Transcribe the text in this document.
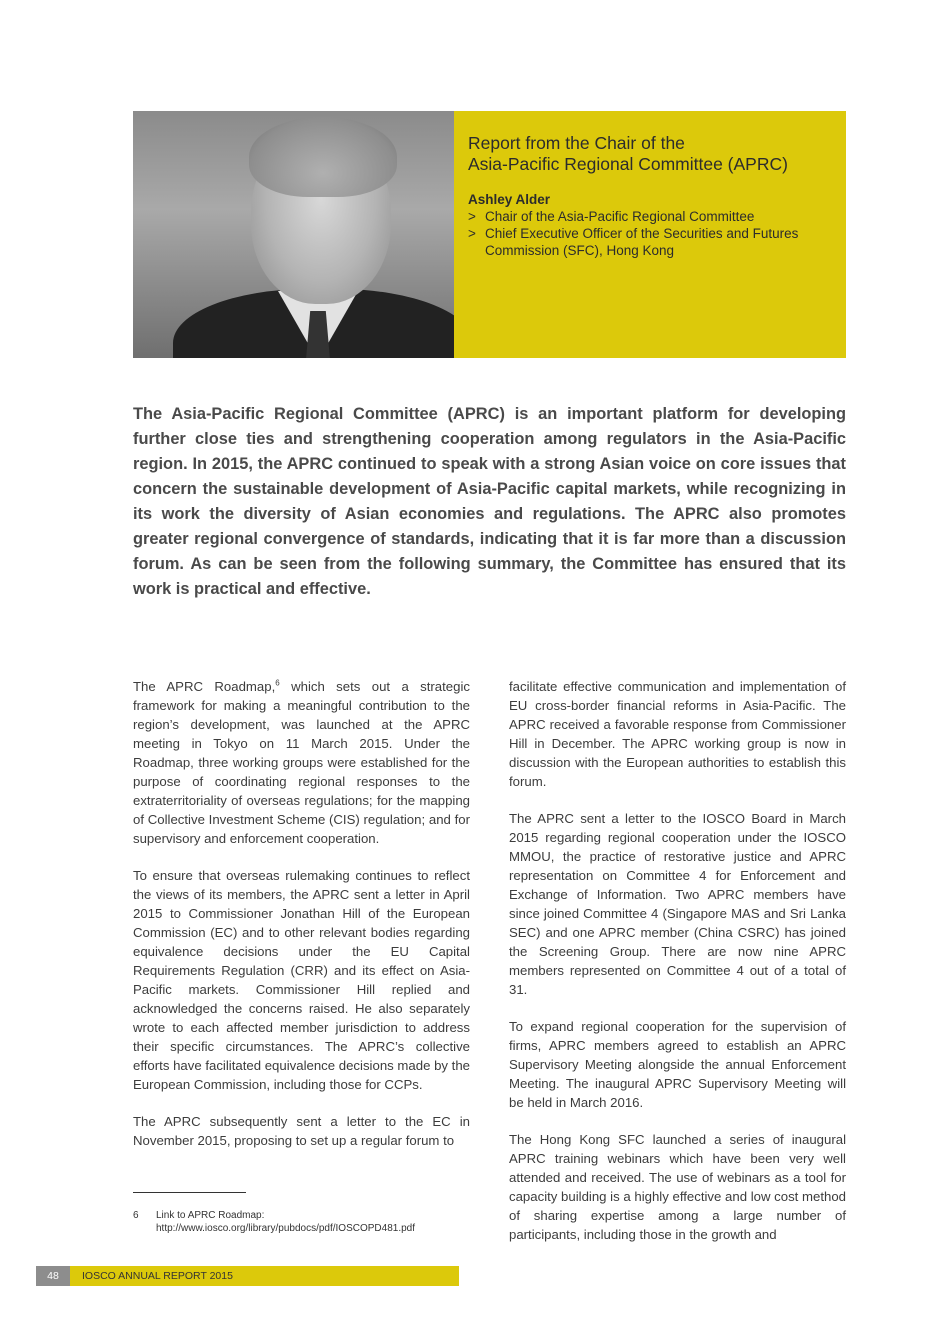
Report from the Chair of the
Asia-Pacific Regional Committee (APRC)
Ashley Alder
> Chair of the Asia-Pacific Regional Committee
> Chief Executive Officer of the Securities and Futures Commission (SFC), Hong Kong

The Asia-Pacific Regional Committee (APRC) is an important platform for developing further close ties and strengthening cooperation among regulators in the Asia-Pacific region. In 2015, the APRC continued to speak with a strong Asian voice on core issues that concern the sustainable development of Asia-Pacific capital markets, while recognizing in its work the diversity of Asian economies and regulations. The APRC also promotes greater regional convergence of standards, indicating that it is far more than a discussion forum. As can be seen from the following summary, the Committee has ensured that its work is practical and effective.

The APRC Roadmap,$^6$ which sets out a strategic framework for making a meaningful contribution to the region’s development, was launched at the APRC meeting in Tokyo on 11 March 2015. Under the Roadmap, three working groups were established for the purpose of coordinating regional responses to the extraterritoriality of overseas regulations; for the mapping of Collective Investment Scheme (CIS) regulation; and for supervisory and enforcement cooperation.

To ensure that overseas rulemaking continues to reflect the views of its members, the APRC sent a letter in April 2015 to Commissioner Jonathan Hill of the European Commission (EC) and to other relevant bodies regarding equivalence decisions under the EU Capital Requirements Regulation (CRR) and its effect on Asia-Pacific markets. Commissioner Hill replied and acknowledged the concerns raised. He also separately wrote to each affected member jurisdiction to address their specific circumstances. The APRC’s collective efforts have facilitated equivalence decisions made by the European Commission, including those for CCPs.

The APRC subsequently sent a letter to the EC in November 2015, proposing to set up a regular forum to

facilitate effective communication and implementation of EU cross-border financial reforms in Asia-Pacific. The APRC received a favorable response from Commissioner Hill in December. The APRC working group is now in discussion with the European authorities to establish this forum.

The APRC sent a letter to the IOSCO Board in March 2015 regarding regional cooperation under the IOSCO MMOU, the practice of restorative justice and APRC representation on Committee 4 for Enforcement and Exchange of Information. Two APRC members have since joined Committee 4 (Singapore MAS and Sri Lanka SEC) and one APRC member (China CSRC) has joined the Screening Group. There are now nine APRC members represented on Committee 4 out of a total of 31.

To expand regional cooperation for the supervision of firms, APRC members agreed to establish an APRC Supervisory Meeting alongside the annual Enforcement Meeting. The inaugural APRC Supervisory Meeting will be held in March 2016.

The Hong Kong SFC launched a series of inaugural APRC training webinars which have been very well attended and received. The use of webinars as a tool for capacity building is a highly effective and low cost method of sharing expertise among a large number of participants, including those in the growth and

6	Link to APRC Roadmap: http://www.iosco.org/library/pubdocs/pdf/IOSCOPD481.pdf
48	IOSCO ANNUAL REPORT 2015
